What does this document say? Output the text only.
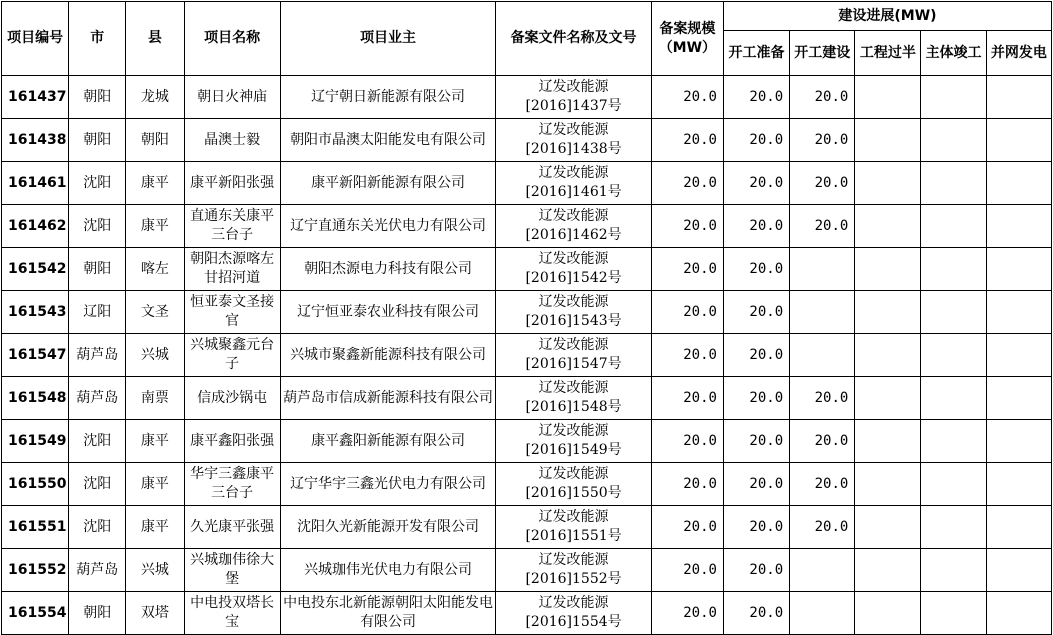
项目编号	市	县	项目名称	项目业主	备案文件名称及文号	备案规模（MW）	建设进展(MW)				
							开工准备	开工建设	工程过半	主体竣工	并网发电
161437	朝阳	龙城	朝日火神庙	辽宁朝日新能源有限公司	辽发改能源
[2016]1437号	20.0	20.0	20.0			
161438	朝阳	朝阳	晶澳士毅	朝阳市晶澳太阳能发电有限公司	辽发改能源
[2016]1438号	20.0	20.0	20.0			
161461	沈阳	康平	康平新阳张强	康平新阳新能源有限公司	辽发改能源
[2016]1461号	20.0	20.0	20.0			
161462	沈阳	康平	直通东关康平三台子	辽宁直通东关光伏电力有限公司	辽发改能源
[2016]1462号	20.0	20.0	20.0			
161542	朝阳	喀左	朝阳杰源喀左甘招河道	朝阳杰源电力科技有限公司	辽发改能源
[2016]1542号	20.0	20.0				
161543	辽阳	文圣	恒亚泰文圣接官	辽宁恒亚泰农业科技有限公司	辽发改能源
[2016]1543号	20.0	20.0				
161547	葫芦岛	兴城	兴城聚鑫元台子	兴城市聚鑫新能源科技有限公司	辽发改能源
[2016]1547号	20.0	20.0				
161548	葫芦岛	南票	信成沙锅屯	葫芦岛市信成新能源科技有限公司	辽发改能源
[2016]1548号	20.0	20.0	20.0			
161549	沈阳	康平	康平鑫阳张强	康平鑫阳新能源有限公司	辽发改能源
[2016]1549号	20.0	20.0	20.0			
161550	沈阳	康平	华宇三鑫康平三台子	辽宁华宇三鑫光伏电力有限公司	辽发改能源
[2016]1550号	20.0	20.0	20.0			
161551	沈阳	康平	久光康平张强	沈阳久光新能源开发有限公司	辽发改能源
[2016]1551号	20.0	20.0	20.0			
161552	葫芦岛	兴城	兴城珈伟徐大堡	兴城珈伟光伏电力有限公司	辽发改能源
[2016]1552号	20.0	20.0				
161554	朝阳	双塔	中电投双塔长宝	中电投东北新能源朝阳太阳能发电有限公司	辽发改能源
[2016]1554号	20.0	20.0				
